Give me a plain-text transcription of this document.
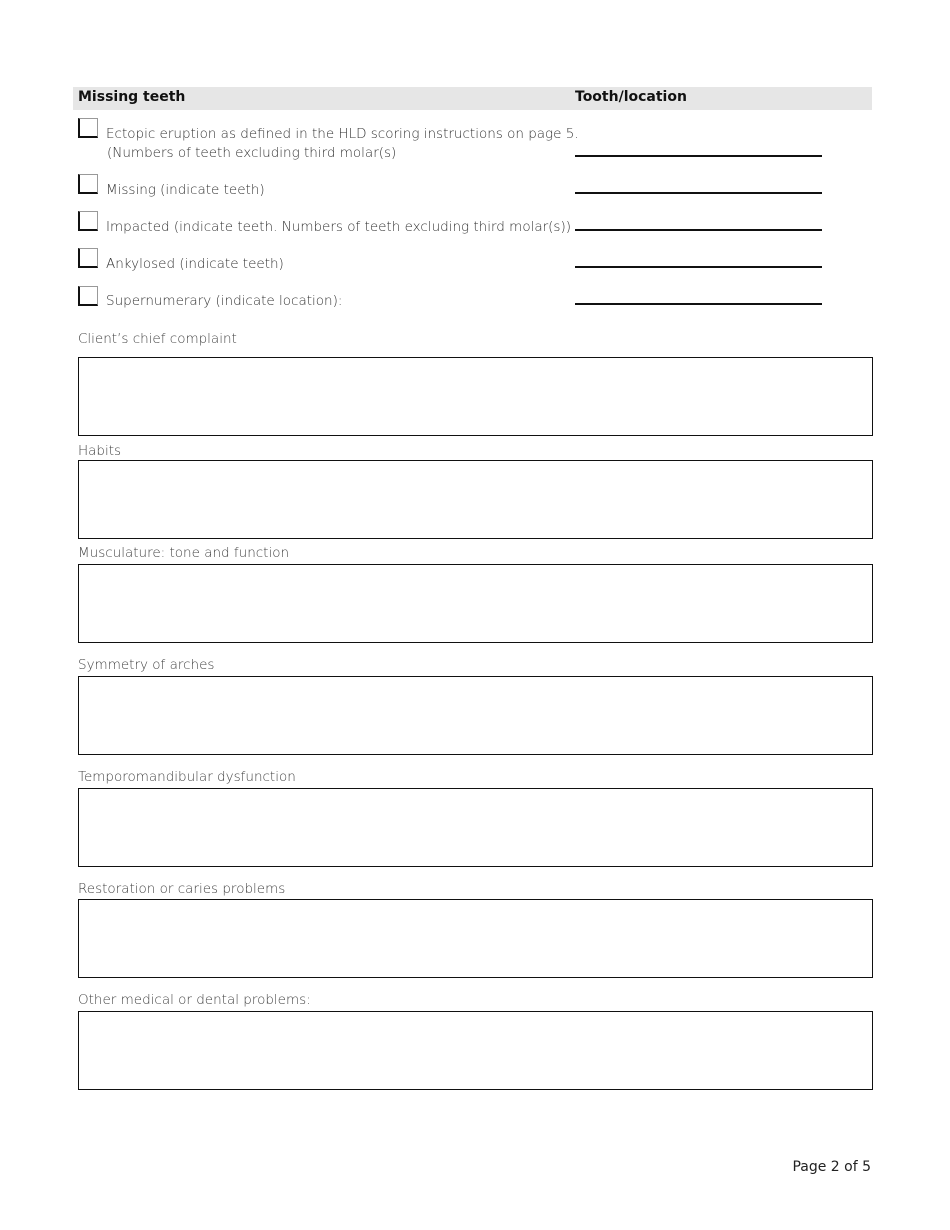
Missing teeth	Tooth/location
Ectopic eruption as defined in the HLD scoring instructions on page 5.
(Numbers of teeth excluding third molar(s)
Missing (indicate teeth)
Impacted (indicate teeth. Numbers of teeth excluding third molar(s))
Ankylosed (indicate teeth)
Supernumerary (indicate location):
Client’s chief complaint
Habits
Musculature: tone and function
Symmetry of arches
Temporomandibular dysfunction
Restoration or caries problems
Other medical or dental problems:
Page 2 of 5
